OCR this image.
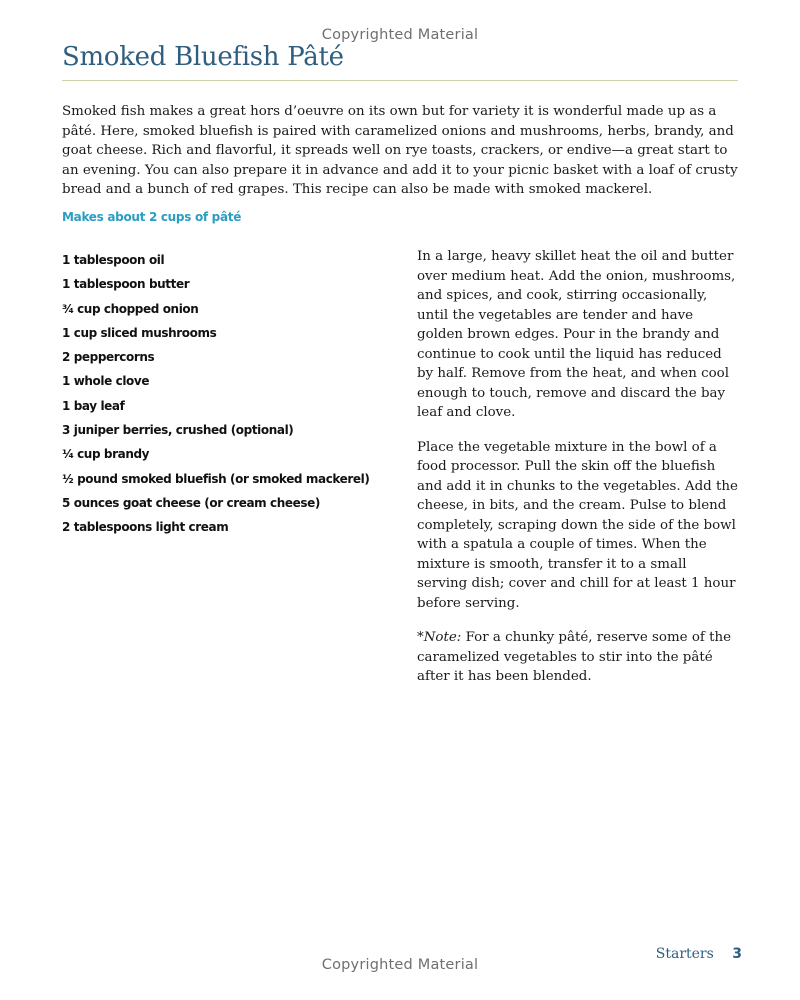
Copyrighted Material
Smoked Bluefish Pâté

Smoked fish makes a great hors d’oeuvre on its own but for variety it is wonderful made up as a pâté. Here, smoked bluefish is paired with caramelized onions and mushrooms, herbs, brandy, and goat cheese. Rich and flavorful, it spreads well on rye toasts, crackers, or endive—a great start to an evening. You can also prepare it in advance and add it to your picnic basket with a loaf of crusty bread and a bunch of red grapes. This recipe can also be made with smoked mackerel.

Makes about 2 cups of pâté

1 tablespoon oil
1 tablespoon butter
³⁄₄ cup chopped onion
1 cup sliced mushrooms
2 peppercorns
1 whole clove
1 bay leaf
3 juniper berries, crushed (optional)
¹⁄₄ cup brandy
¹⁄₂ pound smoked bluefish (or smoked mackerel)
5 ounces goat cheese (or cream cheese)
2 tablespoons light cream

In a large, heavy skillet heat the oil and butter over medium heat. Add the onion, mushrooms, and spices, and cook, stirring occasionally, until the vegetables are tender and have golden brown edges. Pour in the brandy and continue to cook until the liquid has reduced by half. Remove from the heat, and when cool enough to touch, remove and discard the bay leaf and clove.

Place the vegetable mixture in the bowl of a food processor. Pull the skin off the bluefish and add it in chunks to the vegetables. Add the cheese, in bits, and the cream. Pulse to blend completely, scraping down the side of the bowl with a spatula a couple of times. When the mixture is smooth, transfer it to a small serving dish; cover and chill for at least 1 hour before serving.

*Note: For a chunky pâté, reserve some of the caramelized vegetables to stir into the pâté after it has been blended.

Starters 3
Copyrighted Material
